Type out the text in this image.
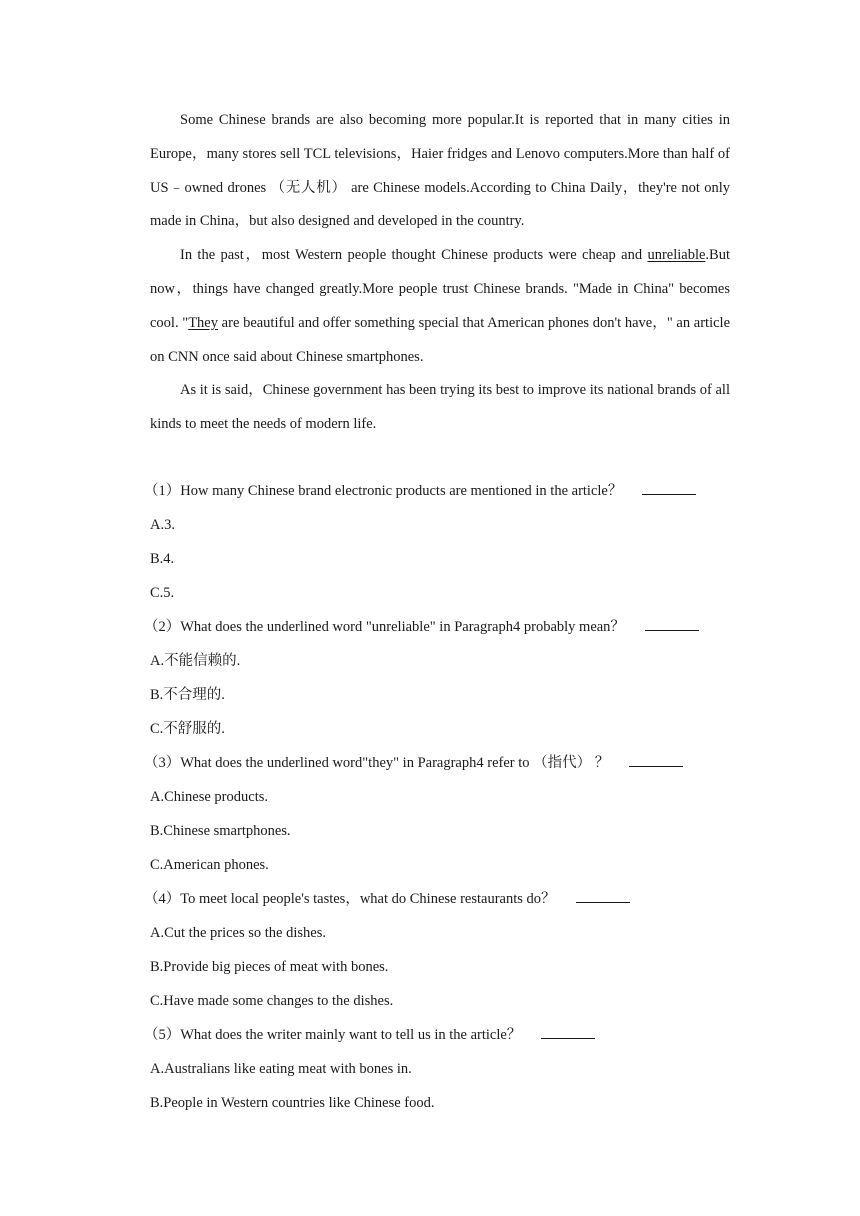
Some Chinese brands are also becoming more popular.It is reported that in many cities in Europe，many stores sell TCL televisions，Haier fridges and Lenovo computers.More than half of US﹣owned drones （无人机） are Chinese models.According to China Daily，they're not only made in China，but also designed and developed in the country.

In the past，most Western people thought Chinese products were cheap and unreliable.But now，things have changed greatly.More people trust Chinese brands. "Made in China" becomes cool. "They are beautiful and offer something special that American phones don't have，" an article on CNN once said about Chinese smartphones.

As it is said，Chinese government has been trying its best to improve its national brands of all kinds to meet the needs of modern life.

（1）How many Chinese brand electronic products are mentioned in the article？
A.3.
B.4.
C.5.
（2）What does the underlined word "unreliable" in Paragraph4 probably mean？
A.不能信赖的.
B.不合理的.
C.不舒服的.
（3）What does the underlined word"they" in Paragraph4 refer to （指代） ？
A.Chinese products.
B.Chinese smartphones.
C.American phones.
（4）To meet local people's tastes，what do Chinese restaurants do？
A.Cut the prices so the dishes.
B.Provide big pieces of meat with bones.
C.Have made some changes to the dishes.
（5）What does the writer mainly want to tell us in the article？
A.Australians like eating meat with bones in.
B.People in Western countries like Chinese food.
